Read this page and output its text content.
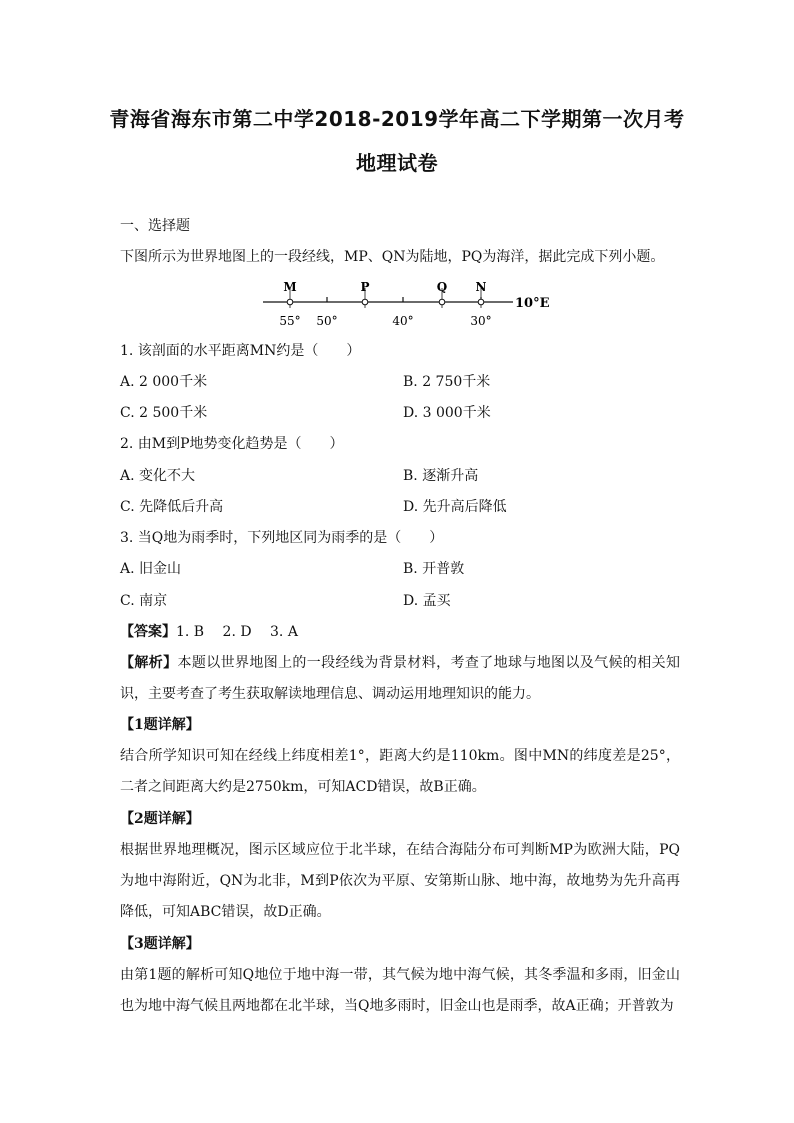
青海省海东市第二中学2018-2019学年高二下学期第一次月考
地理试卷
一、选择题
下图所示为世界地图上的一段经线，MP、QN为陆地，PQ为海洋，据此完成下列小题。
M	P	Q N
55° 50°	40°	30°
10°E
1. 该剖面的水平距离MN约是（　　）
A. 2 000千米	B. 2 750千米
C. 2 500千米	D. 3 000千米
2. 由M到P地势变化趋势是（　　）
A. 变化不大	B. 逐渐升高
C. 先降低后升高	D. 先升高后降低
3. 当Q地为雨季时，下列地区同为雨季的是（　　）
A. 旧金山	B. 开普敦
C. 南京	D. 孟买
【答案】1. B　 2. D　 3. A
【解析】本题以世界地图上的一段经线为背景材料，考查了地球与地图以及气候的相关知识，主要考查了考生获取解读地理信息、调动运用地理知识的能力。
【1题详解】
结合所学知识可知在经线上纬度相差1°，距离大约是110km。图中MN的纬度差是25°，二者之间距离大约是2750km，可知ACD错误，故B正确。
【2题详解】
根据世界地理概况，图示区域应位于北半球，在结合海陆分布可判断MP为欧洲大陆，PQ为地中海附近，QN为北非，M到P依次为平原、安第斯山脉、地中海，故地势为先升高再降低，可知ABC错误，故D正确。
【3题详解】
由第1题的解析可知Q地位于地中海一带，其气候为地中海气候，其冬季温和多雨，旧金山也为地中海气候且两地都在北半球，当Q地多雨时，旧金山也是雨季，故A正确；开普敦为
